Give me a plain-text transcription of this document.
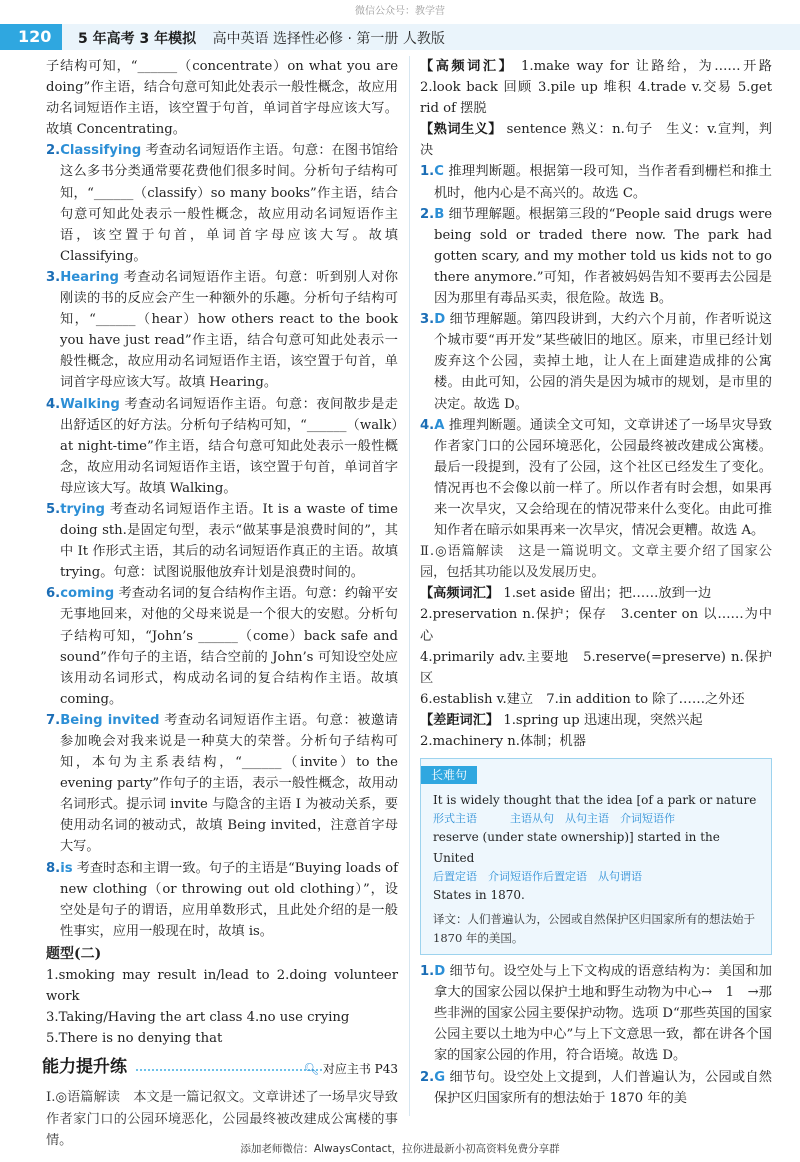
微信公众号：教学营
120 5 年高考 3 年模拟 高中英语 选择性必修 · 第一册 人教版

子结构可知，“______（concentrate）on what you are doing”作主语，结合句意可知此处表示一般性概念，故应用动名词短语作主语，该空置于句首，单词首字母应该大写。故填 Concentrating。

2.Classifying 考查动名词短语作主语。句意：在图书馆给这么多书分类通常要花费他们很多时间。分析句子结构可知，“______（classify）so many books”作主语，结合句意可知此处表示一般性概念，故应用动名词短语作主语，该空置于句首，单词首字母应该大写。故填 Classifying。

3.Hearing 考查动名词短语作主语。句意：听到别人对你刚读的书的反应会产生一种额外的乐趣。分析句子结构可知，“______（hear）how others react to the book you have just read”作主语，结合句意可知此处表示一般性概念，故应用动名词短语作主语，该空置于句首，单词首字母应该大写。故填 Hearing。

4.Walking 考查动名词短语作主语。句意：夜间散步是走出舒适区的好方法。分析句子结构可知，“______（walk）at night-time”作主语，结合句意可知此处表示一般性概念，故应用动名词短语作主语，该空置于句首，单词首字母应该大写。故填 Walking。

5.trying 考查动名词短语作主语。It is a waste of time doing sth.是固定句型，表示“做某事是浪费时间的”，其中 It 作形式主语，其后的动名词短语作真正的主语。故填 trying。句意：试图说服他放弃计划是浪费时间的。

6.coming 考查动名词的复合结构作主语。句意：约翰平安无事地回来，对他的父母来说是一个很大的安慰。分析句子结构可知，“John’s ______（come）back safe and sound”作句子的主语，结合空前的 John’s 可知设空处应该用动名词形式，构成动名词的复合结构作主语。故填 coming。

7.Being invited 考查动名词短语作主语。句意：被邀请参加晚会对我来说是一种莫大的荣誉。分析句子结构可知，本句为主系表结构，“______（invite）to the evening party”作句子的主语，表示一般性概念，故用动名词形式。提示词 invite 与隐含的主语 I 为被动关系，要使用动名词的被动式，故填 Being invited，注意首字母大写。

8.is 考查时态和主谓一致。句子的主语是“Buying loads of new clothing（or throwing out old clothing）”，设空处是句子的谓语，应用单数形式，且此处介绍的是一般性事实，应用一般现在时，故填 is。

题型(二)

1.smoking may result in/lead to 2.doing volunteer work

3.Taking/Having the art class 4.no use crying

5.There is no denying that

能力提升练	🔍︎ 对应主书 P43

Ⅰ.◎语篇解读　本文是一篇记叙文。文章讲述了一场旱灾导致作者家门口的公园环境恶化，公园最终被改建成公寓楼的事情。

【高频词汇】 1.make way for 让路给，为……开路 2.look back 回顾 3.pile up 堆积 4.trade v.交易 5.get rid of 摆脱

【熟词生义】 sentence 熟义：n.句子　生义：v.宣判，判决

1.C 推理判断题。根据第一段可知，当作者看到栅栏和推土机时，他内心是不高兴的。故选 C。

2.B 细节理解题。根据第三段的“People said drugs were being sold or traded there now. The park had gotten scary, and my mother told us kids not to go there anymore.”可知，作者被妈妈告知不要再去公园是因为那里有毒品买卖，很危险。故选 B。

3.D 细节理解题。第四段讲到，大约六个月前，作者听说这个城市要“再开发”某些破旧的地区。原来，市里已经计划废弃这个公园，卖掉土地，让人在上面建造成排的公寓楼。由此可知，公园的消失是因为城市的规划，是市里的决定。故选 D。

4.A 推理判断题。通读全文可知，文章讲述了一场旱灾导致作者家门口的公园环境恶化，公园最终被改建成公寓楼。最后一段提到，没有了公园，这个社区已经发生了变化。情况再也不会像以前一样了。所以作者有时会想，如果再来一次旱灾，又会给现在的情况带来什么变化。由此可推知作者在暗示如果再来一次旱灾，情况会更糟。故选 A。

Ⅱ.◎语篇解读　这是一篇说明文。文章主要介绍了国家公园，包括其功能以及发展历史。

【高频词汇】 1.set aside 留出；把……放到一边

2.preservation n.保护；保存　3.center on 以……为中心

4.primarily adv.主要地　5.reserve(=preserve) n.保护区

6.establish v.建立　7.in addition to 除了……之外还

【差距词汇】 1.spring up 迅速出现，突然兴起

2.machinery n.体制；机器

长难句

It is widely thought that the idea [of a park or nature

形式主语　　　主语从句　从句主语　介词短语作

reserve (under state ownership)] started in the United

后置定语　介词短语作后置定语　从句谓语

States in 1870.

译文：人们普遍认为，公园或自然保护区归国家所有的想法始于 1870 年的美国。

1.D 细节句。设空处与上下文构成的语意结构为：美国和加拿大的国家公园以保护土地和野生动物为中心→　1　→那些非洲的国家公园主要保护动物。选项 D“那些英国的国家公园主要以土地为中心”与上下文意思一致，都在讲各个国家的国家公园的作用，符合语境。故选 D。

2.G 细节句。设空处上文提到，人们普遍认为，公园或自然保护区归国家所有的想法始于 1870 年的美

添加老师微信：AlwaysContact，拉你进最新小初高资料免费分享群
